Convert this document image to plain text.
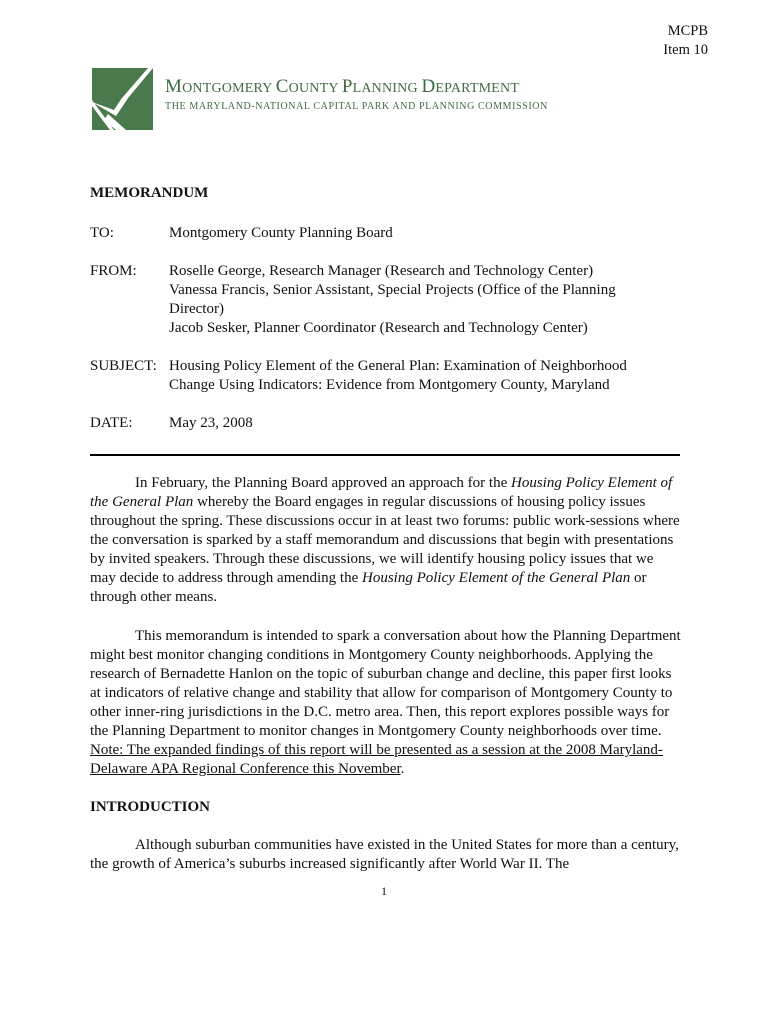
MCPB
Item 10
MONTGOMERY COUNTY PLANNING DEPARTMENT
THE MARYLAND-NATIONAL CAPITAL PARK AND PLANNING COMMISSION
MEMORANDUM
TO:	Montgomery County Planning Board
FROM: Roselle George, Research Manager (Research and Technology Center)
Vanessa Francis, Senior Assistant, Special Projects (Office of the Planning
Director)
Jacob Sesker, Planner Coordinator (Research and Technology Center)
SUBJECT: Housing Policy Element of the General Plan: Examination of Neighborhood
Change Using Indicators: Evidence from Montgomery County, Maryland
DATE: May 23, 2008
In February, the Planning Board approved an approach for the Housing Policy Element of the General Plan whereby the Board engages in regular discussions of housing policy issues throughout the spring. These discussions occur in at least two forums: public work-sessions where the conversation is sparked by a staff memorandum and discussions that begin with presentations by invited speakers. Through these discussions, we will identify housing policy issues that we may decide to address through amending the Housing Policy Element of the General Plan or through other means.
This memorandum is intended to spark a conversation about how the Planning Department might best monitor changing conditions in Montgomery County neighborhoods. Applying the research of Bernadette Hanlon on the topic of suburban change and decline, this paper first looks at indicators of relative change and stability that allow for comparison of Montgomery County to other inner-ring jurisdictions in the D.C. metro area. Then, this report explores possible ways for the Planning Department to monitor changes in Montgomery County neighborhoods over time. Note: The expanded findings of this report will be presented as a session at the 2008 Maryland-Delaware APA Regional Conference this November.
INTRODUCTION
Although suburban communities have existed in the United States for more than a century, the growth of America’s suburbs increased significantly after World War II. The
1
